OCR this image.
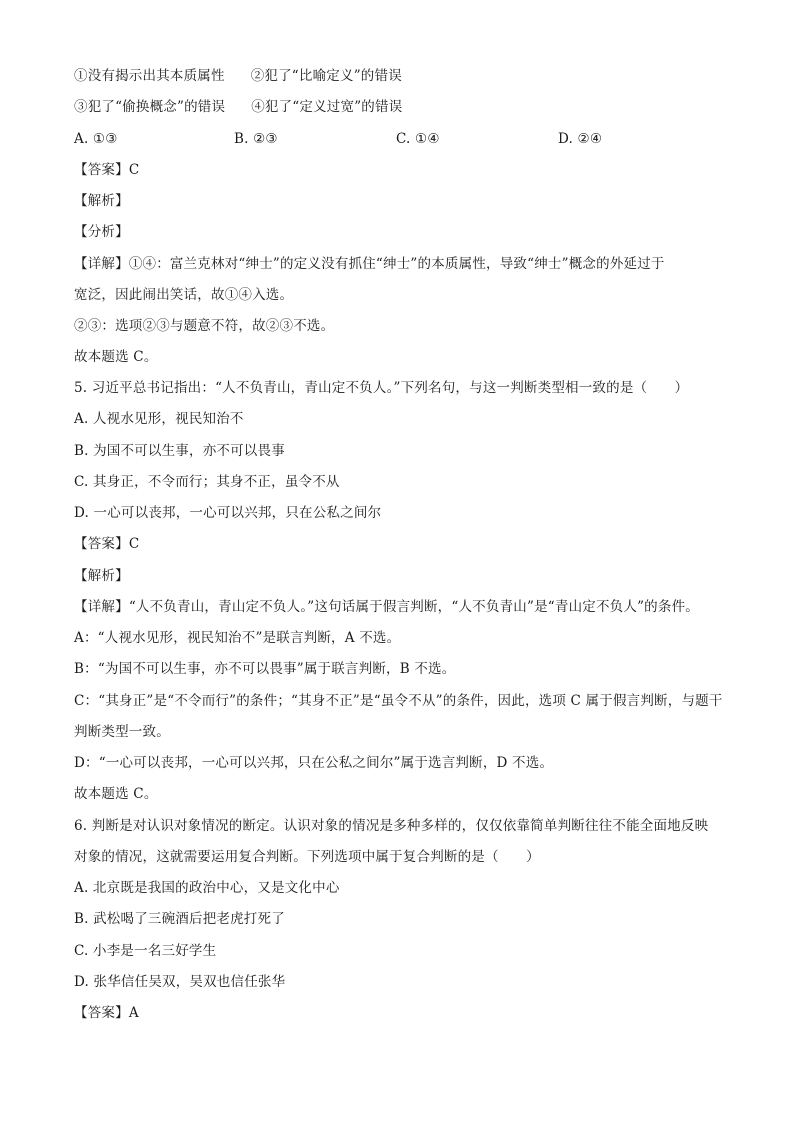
①没有揭示出其本质属性 ②犯了“比喻定义”的错误
③犯了“偷换概念”的错误 ④犯了“定义过宽”的错误
A. ①③	B. ②③	C. ①④	D. ②④
【答案】C
【解析】
【分析】
【详解】①④：富兰克林对“绅士”的定义没有抓住“绅士”的本质属性，导致“绅士”概念的外延过于
宽泛，因此闹出笑话，故①④入选。
②③：选项②③与题意不符，故②③不选。
故本题选 C。
5. 习近平总书记指出：“人不负青山，青山定不负人。”下列名句，与这一判断类型相一致的是（　　）
A. 人视水见形，视民知治不
B. 为国不可以生事，亦不可以畏事
C. 其身正，不令而行；其身不正，虽令不从
D. 一心可以丧邦，一心可以兴邦，只在公私之间尔
【答案】C
【解析】
【详解】“人不负青山，青山定不负人。”这句话属于假言判断，“人不负青山”是“青山定不负人”的条件。
A：“人视水见形，视民知治不”是联言判断，A 不选。
B：“为国不可以生事，亦不可以畏事”属于联言判断，B 不选。
C：“其身正”是“不令而行”的条件；“其身不正”是“虽令不从”的条件，因此，选项 C 属于假言判断，与题干
判断类型一致。
D：“一心可以丧邦，一心可以兴邦，只在公私之间尔”属于选言判断，D 不选。
故本题选 C。
6. 判断是对认识对象情况的断定。认识对象的情况是多种多样的，仅仅依靠简单判断往往不能全面地反映
对象的情况，这就需要运用复合判断。下列选项中属于复合判断的是（　　）
A. 北京既是我国的政治中心，又是文化中心
B. 武松喝了三碗酒后把老虎打死了
C. 小李是一名三好学生
D. 张华信任吴双，吴双也信任张华
【答案】A
